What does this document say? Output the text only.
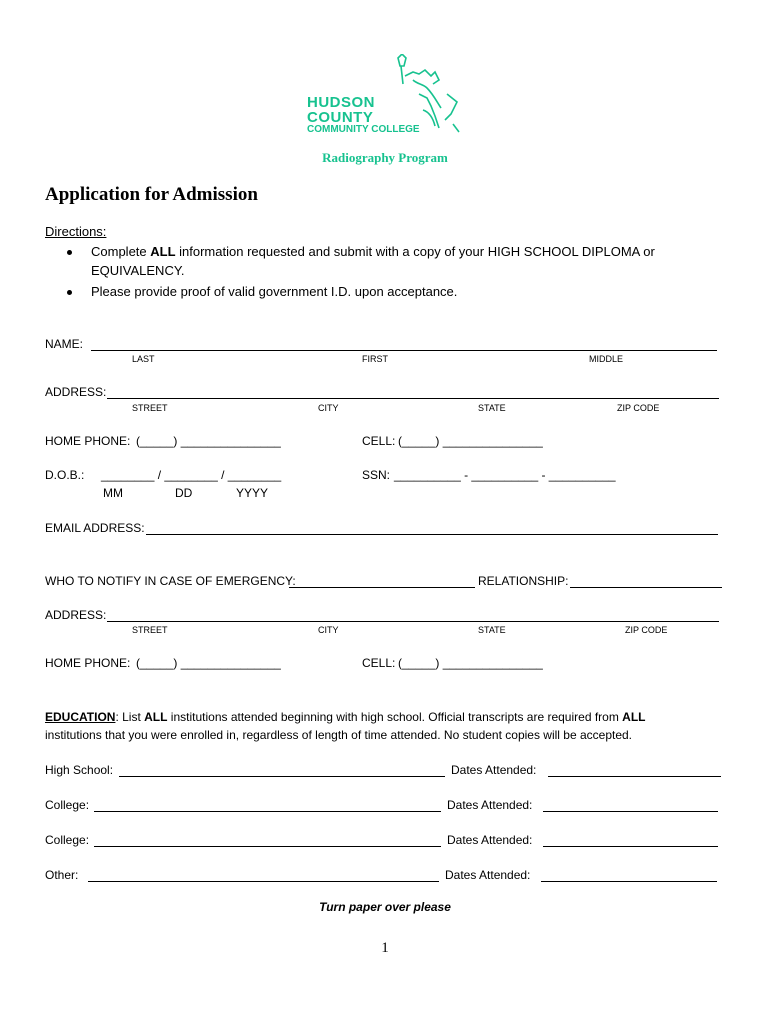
HUDSON
COUNTY
COMMUNITY COLLEGE
Radiography Program
Application for Admission
Directions:
Complete ALL information requested and submit with a copy of your HIGH SCHOOL DIPLOMA or
EQUIVALENCY.
Please provide proof of valid government I.D. upon acceptance.
NAME:
LAST	FIRST	MIDDLE
ADDRESS:
STREET	CITY	STATE	ZIP CODE
HOME PHONE: (_____) _______________	CELL: (_____) _______________
D.O.B.: ________ / ________ / ________
MM	DD	YYYY
SSN: __________ - __________ - __________
EMAIL ADDRESS:
WHO TO NOTIFY IN CASE OF EMERGENCY:	RELATIONSHIP:
ADDRESS:
STREET	CITY	STATE	ZIP CODE
HOME PHONE: (_____) _______________	CELL: (_____) _______________
EDUCATION: List ALL institutions attended beginning with high school. Official transcripts are required from ALL
institutions that you were enrolled in, regardless of length of time attended. No student copies will be accepted.
High School:	Dates Attended:
College:	Dates Attended:
College:	Dates Attended:
Other:	Dates Attended:
Turn paper over please
1
